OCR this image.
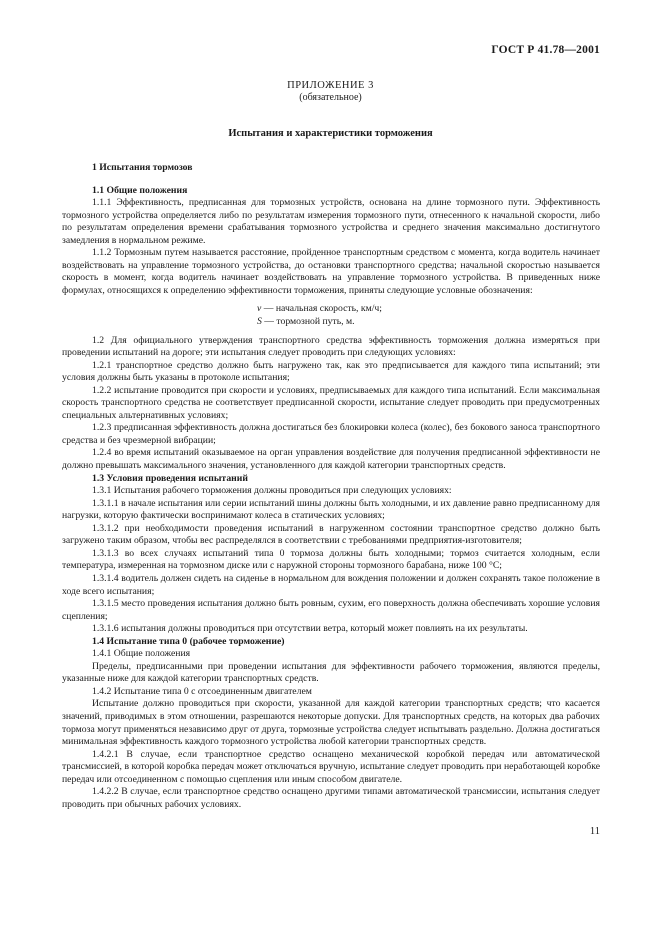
ГОСТ Р 41.78—2001
ПРИЛОЖЕНИЕ 3
(обязательное)
Испытания и характеристики торможения

1 Испытания тормозов

1.1 Общие положения

1.1.1 Эффективность, предписанная для тормозных устройств, основана на длине тормозного пути. Эффективность тормозного устройства определяется либо по результатам измерения тормозного пути, отнесенного к начальной скорости, либо по результатам определения времени срабатывания тормозного устройства и среднего значения максимально достигнутого замедления в нормальном режиме.

1.1.2 Тормозным путем называется расстояние, пройденное транспортным средством с момента, когда водитель начинает воздействовать на управление тормозного устройства, до остановки транспортного средства; начальной скоростью называется скорость в момент, когда водитель начинает воздействовать на управление тормозного устройства. В приведенных ниже формулах, относящихся к определению эффективности торможения, приняты следующие условные обозначения:

v — начальная скорость, км/ч;
S — тормозной путь, м.

1.2 Для официального утверждения транспортного средства эффективность торможения должна измеряться при проведении испытаний на дороге; эти испытания следует проводить при следующих условиях:

1.2.1 транспортное средство должно быть нагружено так, как это предписывается для каждого типа испытаний; эти условия должны быть указаны в протоколе испытания;

1.2.2 испытание проводится при скорости и условиях, предписываемых для каждого типа испытаний. Если максимальная скорость транспортного средства не соответствует предписанной скорости, испытание следует проводить при предусмотренных специальных альтернативных условиях;

1.2.3 предписанная эффективность должна достигаться без блокировки колеса (колес), без бокового заноса транспортного средства и без чрезмерной вибрации;

1.2.4 во время испытаний оказываемое на орган управления воздействие для получения предписанной эффективности не должно превышать максимального значения, установленного для каждой категории транспортных средств.

1.3 Условия проведения испытаний

1.3.1 Испытания рабочего торможения должны проводиться при следующих условиях:

1.3.1.1 в начале испытания или серии испытаний шины должны быть холодными, и их давление равно предписанному для нагрузки, которую фактически воспринимают колеса в статических условиях;

1.3.1.2 при необходимости проведения испытаний в нагруженном состоянии транспортное средство должно быть загружено таким образом, чтобы вес распределялся в соответствии с требованиями предприятия-изготовителя;

1.3.1.3 во всех случаях испытаний типа 0 тормоза должны быть холодными; тормоз считается холодным, если температура, измеренная на тормозном диске или с наружной стороны тормозного барабана, ниже 100 °С;

1.3.1.4 водитель должен сидеть на сиденье в нормальном для вождения положении и должен сохранять такое положение в ходе всего испытания;

1.3.1.5 место проведения испытания должно быть ровным, сухим, его поверхность должна обеспечивать хорошие условия сцепления;

1.3.1.6 испытания должны проводиться при отсутствии ветра, который может повлиять на их результаты.

1.4 Испытание типа 0 (рабочее торможение)

1.4.1 Общие положения

Пределы, предписанными при проведении испытания для эффективности рабочего торможения, являются пределы, указанные ниже для каждой категории транспортных средств.

1.4.2 Испытание типа 0 с отсоединенным двигателем

Испытание должно проводиться при скорости, указанной для каждой категории транспортных средств; что касается значений, приводимых в этом отношении, разрешаются некоторые допуски. Для транспортных средств, на которых два рабочих тормоза могут применяться независимо друг от друга, тормозные устройства следует испытывать раздельно. Должна достигаться минимальная эффективность каждого тормозного устройства любой категории транспортных средств.

1.4.2.1 В случае, если транспортное средство оснащено механической коробкой передач или автоматической трансмиссией, в которой коробка передач может отключаться вручную, испытание следует проводить при неработающей коробке передач или отсоединенном с помощью сцепления или иным способом двигателе.

1.4.2.2 В случае, если транспортное средство оснащено другими типами автоматической трансмиссии, испытания следует проводить при обычных рабочих условиях.

11
